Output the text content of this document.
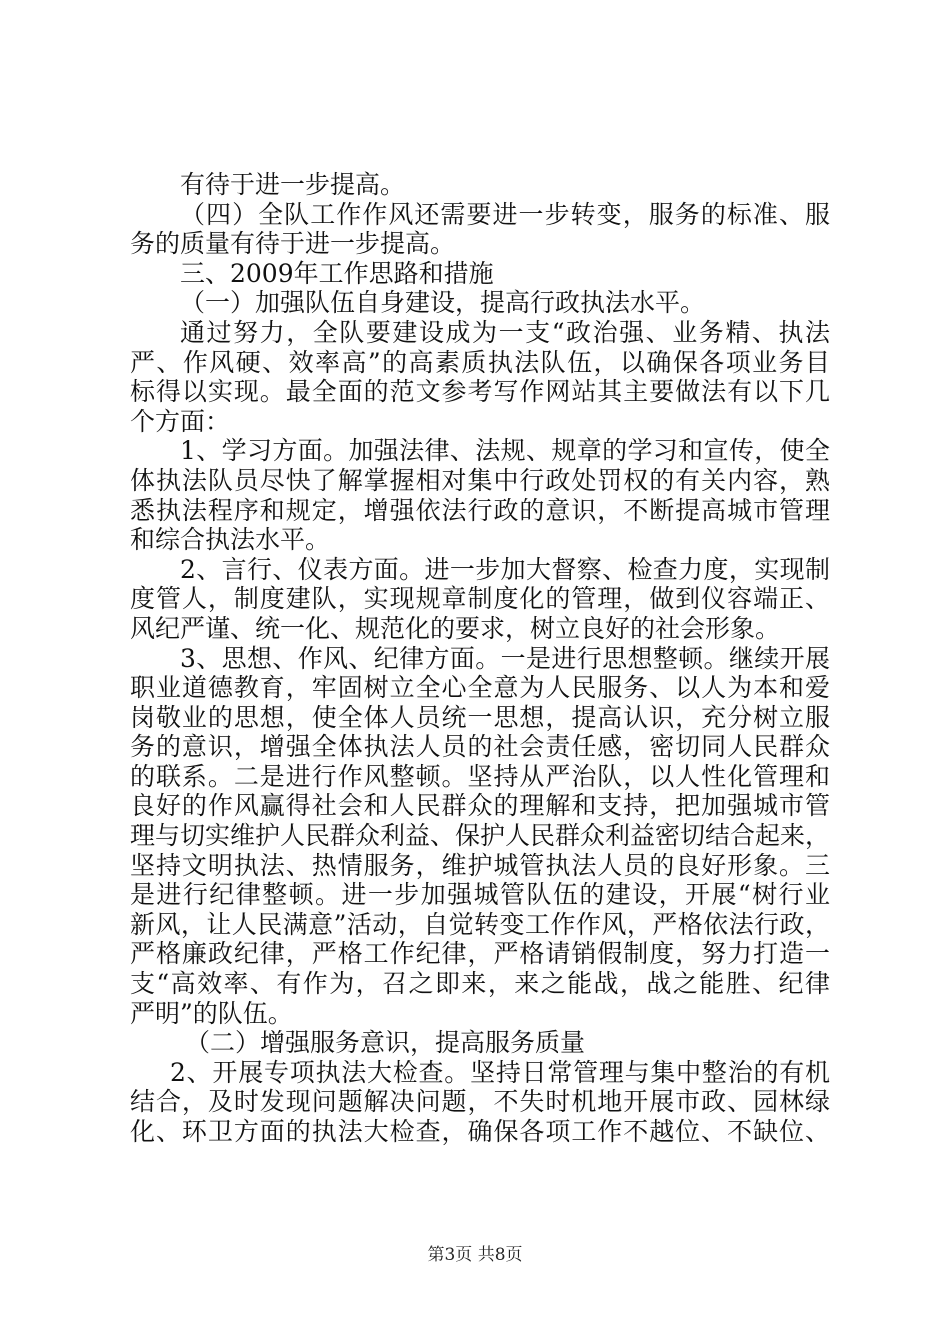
有待于进一步提高。
（四）全队工作作风还需要进一步转变，服务的标准、服
务的质量有待于进一步提高。
三、2009年工作思路和措施
（一）加强队伍自身建设，提高行政执法水平。
通过努力，全队要建设成为一支“政治强、业务精、执法
严、作风硬、效率高”的高素质执法队伍，以确保各项业务目
标得以实现。最全面的范文参考写作网站其主要做法有以下几
个方面：
1、学习方面。加强法律、法规、规章的学习和宣传，使全
体执法队员尽快了解掌握相对集中行政处罚权的有关内容，熟
悉执法程序和规定，增强依法行政的意识，不断提高城市管理
和综合执法水平。
2、言行、仪表方面。进一步加大督察、检查力度，实现制
度管人，制度建队，实现规章制度化的管理，做到仪容端正、
风纪严谨、统一化、规范化的要求，树立良好的社会形象。
3、思想、作风、纪律方面。一是进行思想整顿。继续开展
职业道德教育，牢固树立全心全意为人民服务、以人为本和爱
岗敬业的思想，使全体人员统一思想，提高认识，充分树立服
务的意识，增强全体执法人员的社会责任感，密切同人民群众
的联系。二是进行作风整顿。坚持从严治队，以人性化管理和
良好的作风赢得社会和人民群众的理解和支持，把加强城市管
理与切实维护人民群众利益、保护人民群众利益密切结合起来，
坚持文明执法、热情服务，维护城管执法人员的良好形象。三
是进行纪律整顿。进一步加强城管队伍的建设，开展“树行业
新风，让人民满意”活动，自觉转变工作作风，严格依法行政，
严格廉政纪律，严格工作纪律，严格请销假制度，努力打造一
支“高效率、有作为，召之即来，来之能战，战之能胜、纪律
严明”的队伍。
（二）增强服务意识，提高服务质量
2、开展专项执法大检查。坚持日常管理与集中整治的有机
结合，及时发现问题解决问题，不失时机地开展市政、园林绿
化、环卫方面的执法大检查，确保各项工作不越位、不缺位、
第3页 共8页
